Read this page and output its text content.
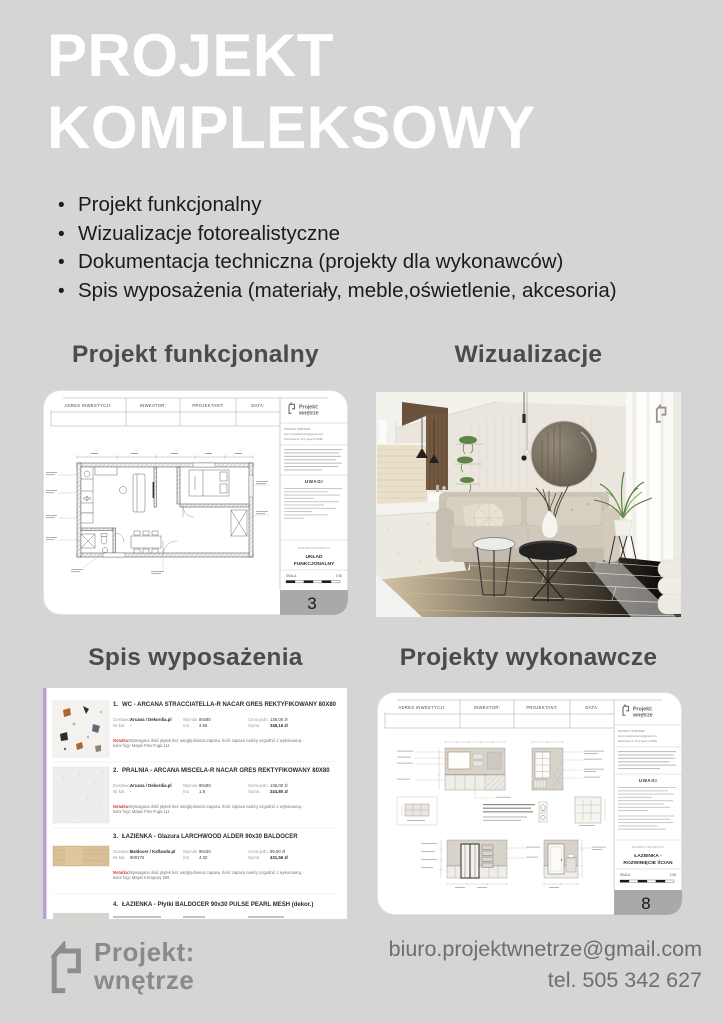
PROJEKT
KOMPLEKSOWY
• Projekt funkcjonalny
• Wizualizacje fotorealistyczne
• Dokumentacja techniczna (projekty dla wykonawców)
• Spis wyposażenia (materiały, meble,oświetlenie, akcesoria)
Projekt funkcjonalny	Wizualizacje
Spis wyposażenia	Projekty wykonawcze
ADRES INWESTYCJI:	INWESTOR:	PROJEKTANT:	DATA:	Projekt:
wnętrze
PROJEKT WNĘTRZE
biuro.projektwnetrze@gmail.com
Warszawa ul. Przy Agorze 26/80
UWAGI
NAZWA PROJEKTU
UKŁAD
FUNKCJONALNY
SKALA	1:50
3
1. WC - ARCANA STRACCIATELLA-R NACAR GRES REKTYFIKOWANY 80X80
Dostawca
Arcana / Dekordia.pl	Wymiar 80x80	Cena jedn. 136,00 zł
Nr kat. -	m2 2.56	Suma	348,16 zł
Notatka: Wymagana ilość płytek bez uwzględnienia zapasu. Ilość zapasu należy uzgodnić z wykonawcą. -
kolor fugi: Mapei Flex Fuga 111
2. PRALNIA - ARCANA MISCELA-R NACAR GRES REKTYFIKOWANY 80X80
Dostawca
Arcana / Dekordia.pl	Wymiar 80x80	Cena jedn. 136,00 zł
Nr kat. -	m2 1.8	Suma	244,80 zł
Notatka: Wymagana ilość płytek bez uwzględnienia zapasu. Ilość zapasu należy uzgodnić z wykonawcą. -
kolor fugi: Mapei Flex Fuga 111
3. ŁAZIENKA - Glazura LARCHWOOD ALDER 90x30 BALDOCER
Dostawca
Baldocer / Kaflando.pl Wymiar 90x30	Cena jedn. 99,90 zł
Nr kat. 900176	m2 4.32	Suma	431,56 zł
Notatka: Wymagana ilość płytek bez uwzględnienia zapasu. Ilość zapasu należy uzgodnić z wykonawcą. -
kolor fugi: Mapei Kerapoxy 259
4. ŁAZIENKA - Płytki BALDOCER 90x30 PULSE PEARL MESH (dekor.)
ADRES INWESTYCJI:	INWESTOR:	PROJEKTANT:	DATA:	Projekt:
wnętrze
PROJEKT WNĘTRZE
biuro.projektwnetrze@gmail.com
Warszawa ul. Przy Agorze 26/80
UWAGI
NAZWA PROJEKTU
ŁAZIENKA -
ROZWINIĘCIE ŚCIAN
SKALA	1:50
8
Projekt:
wnętrze
biuro.projektwnetrze@gmail.com
tel. 505 342 627
